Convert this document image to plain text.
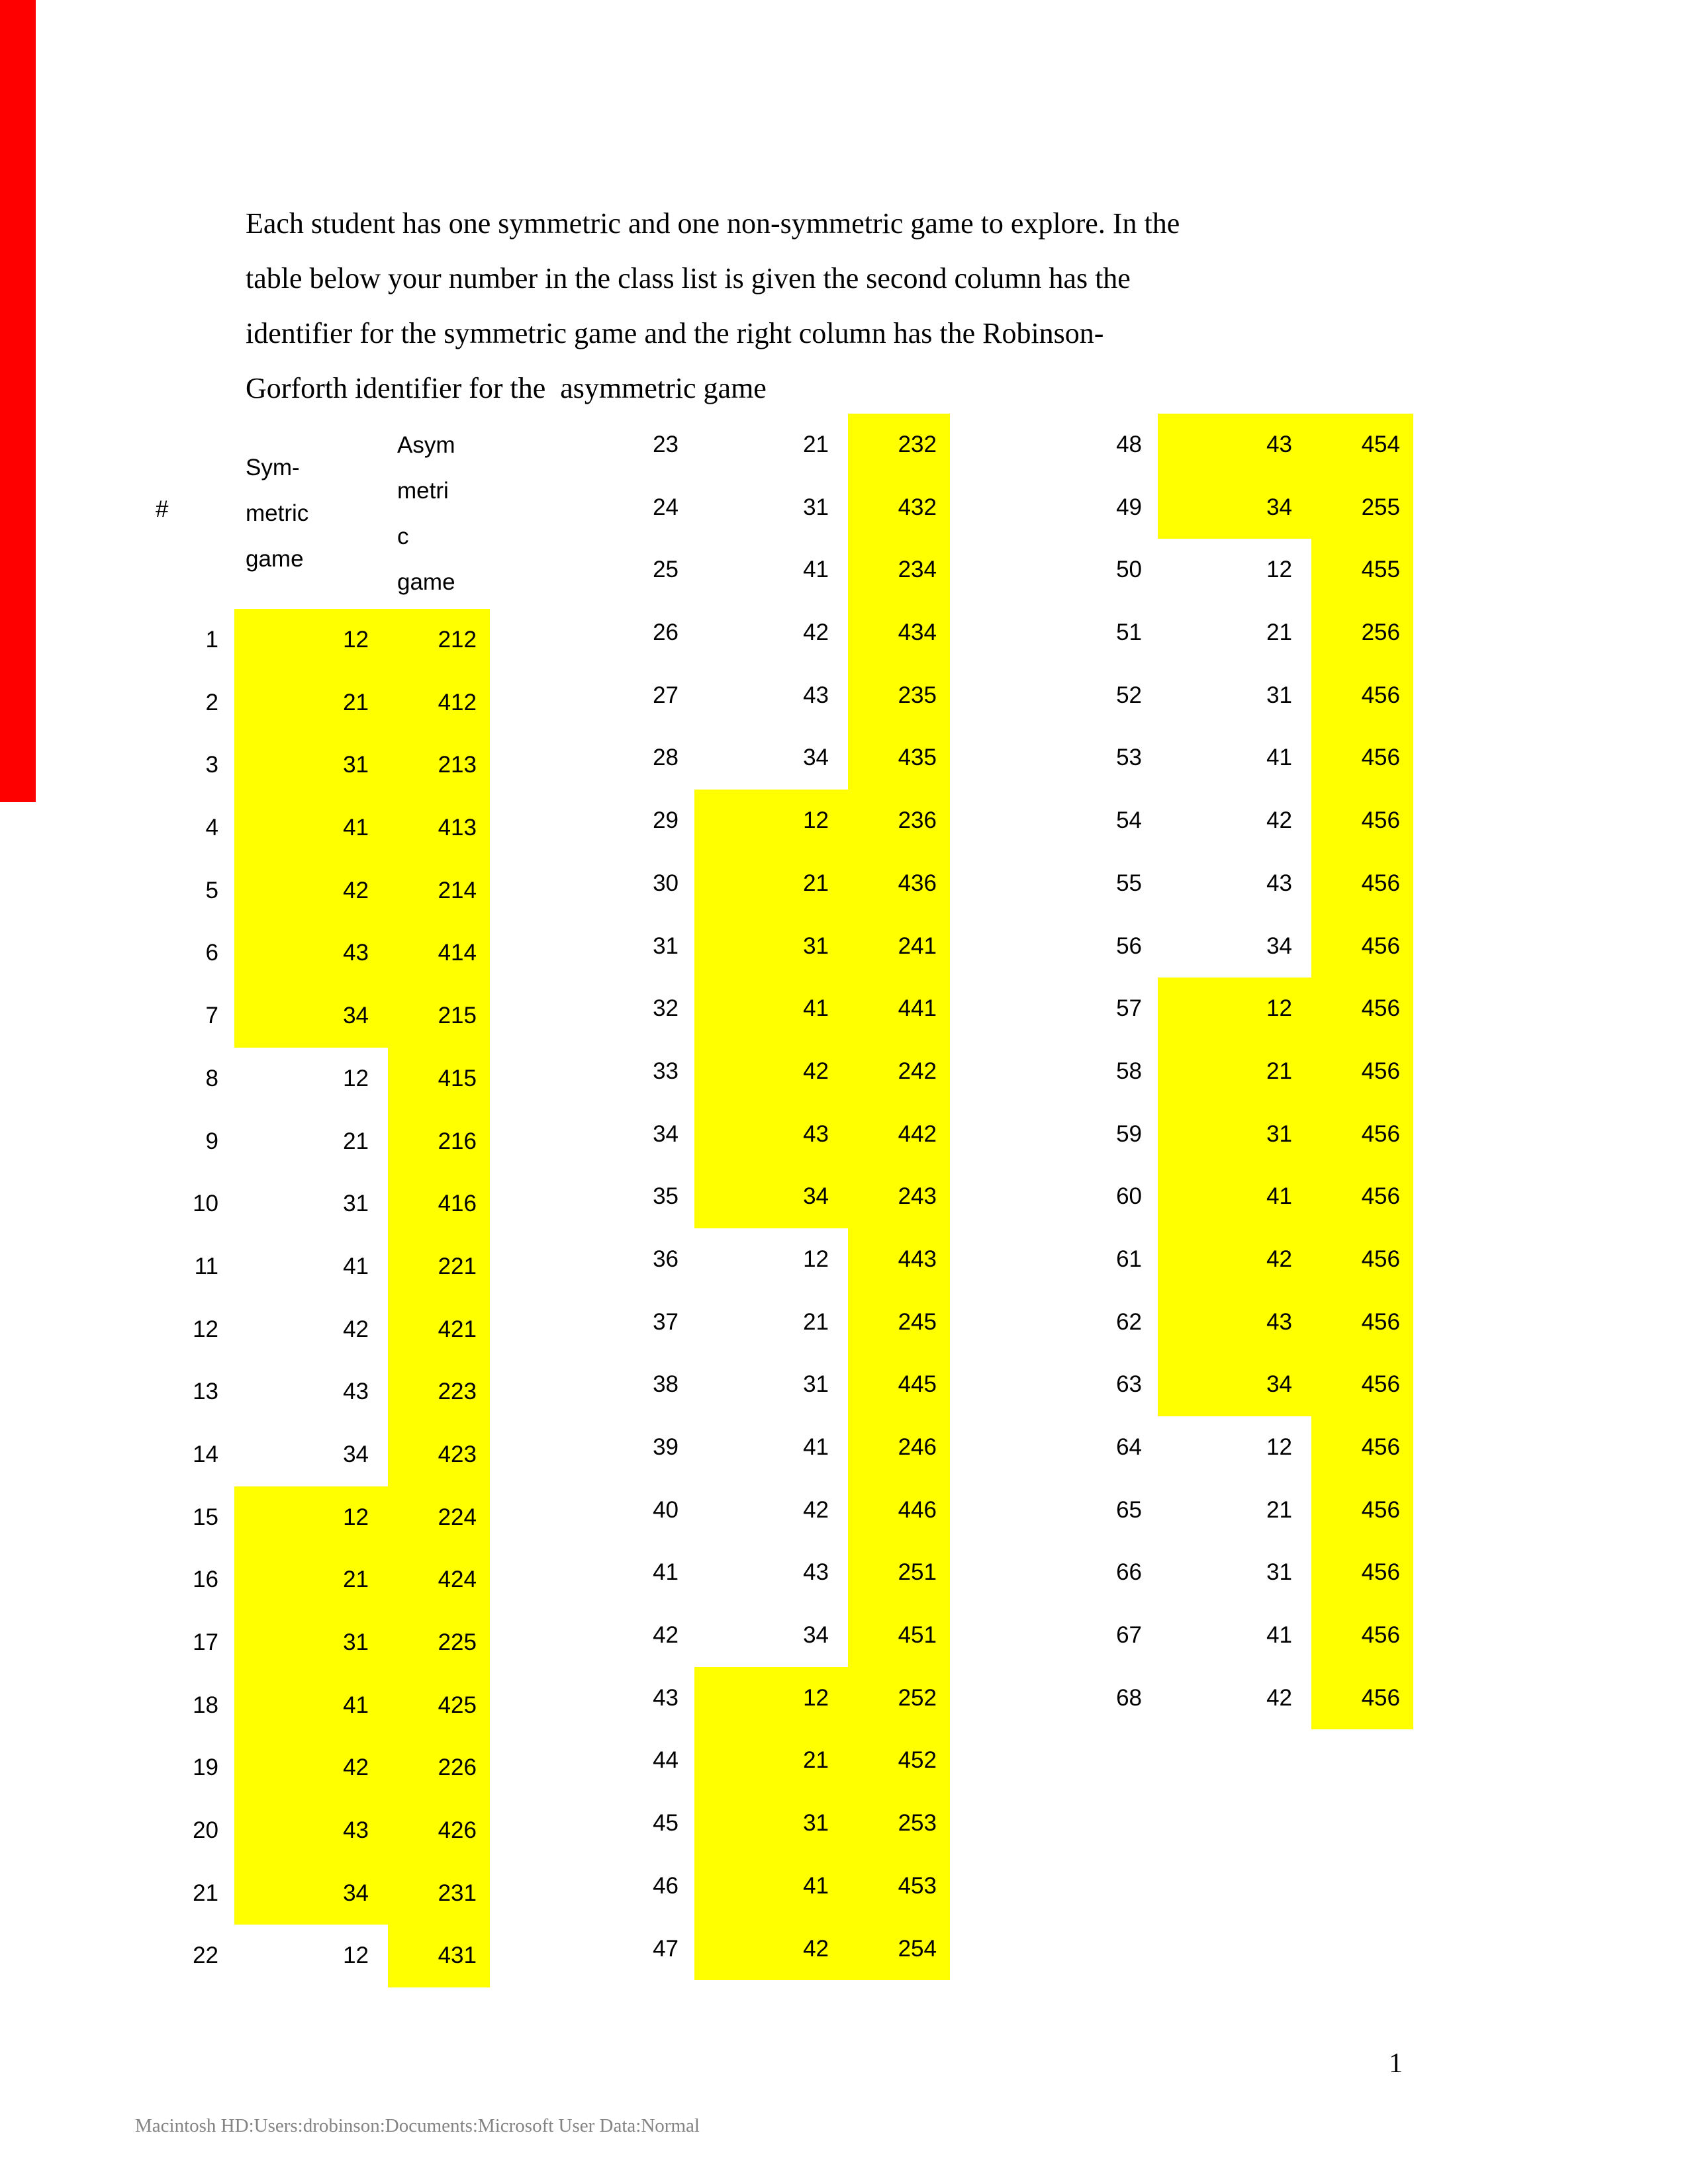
Each student has one symmetric and one non-symmetric game to explore. In the
table below your number in the class list is given the second column has the
identifier for the symmetric game and the right column has the Robinson-
Gorforth identifier for the  asymmetric game
#
Sym-
metric
game
Asym
metri
c
game
1	12	212
2	21	412
3	31	213
4	41	413
5	42	214
6	43	414
7	34	215
8	12	415
9	21	216
10	31	416
11	41	221
12	42	421
13	43	223
14	34	423
15	12	224
16	21	424
17	31	225
18	41	425
19	42	226
20	43	426
21	34	231
22	12	431
23	21	232
24	31	432
25	41	234
26	42	434
27	43	235
28	34	435
29	12	236
30	21	436
31	31	241
32	41	441
33	42	242
34	43	442
35	34	243
36	12	443
37	21	245
38	31	445
39	41	246
40	42	446
41	43	251
42	34	451
43	12	252
44	21	452
45	31	253
46	41	453
47	42	254
48	43	454
49	34	255
50	12	455
51	21	256
52	31	456
53	41	456
54	42	456
55	43	456
56	34	456
57	12	456
58	21	456
59	31	456
60	41	456
61	42	456
62	43	456
63	34	456
64	12	456
65	21	456
66	31	456
67	41	456
68	42	456
1
Macintosh HD:Users:drobinson:Documents:Microsoft User Data:Normal
